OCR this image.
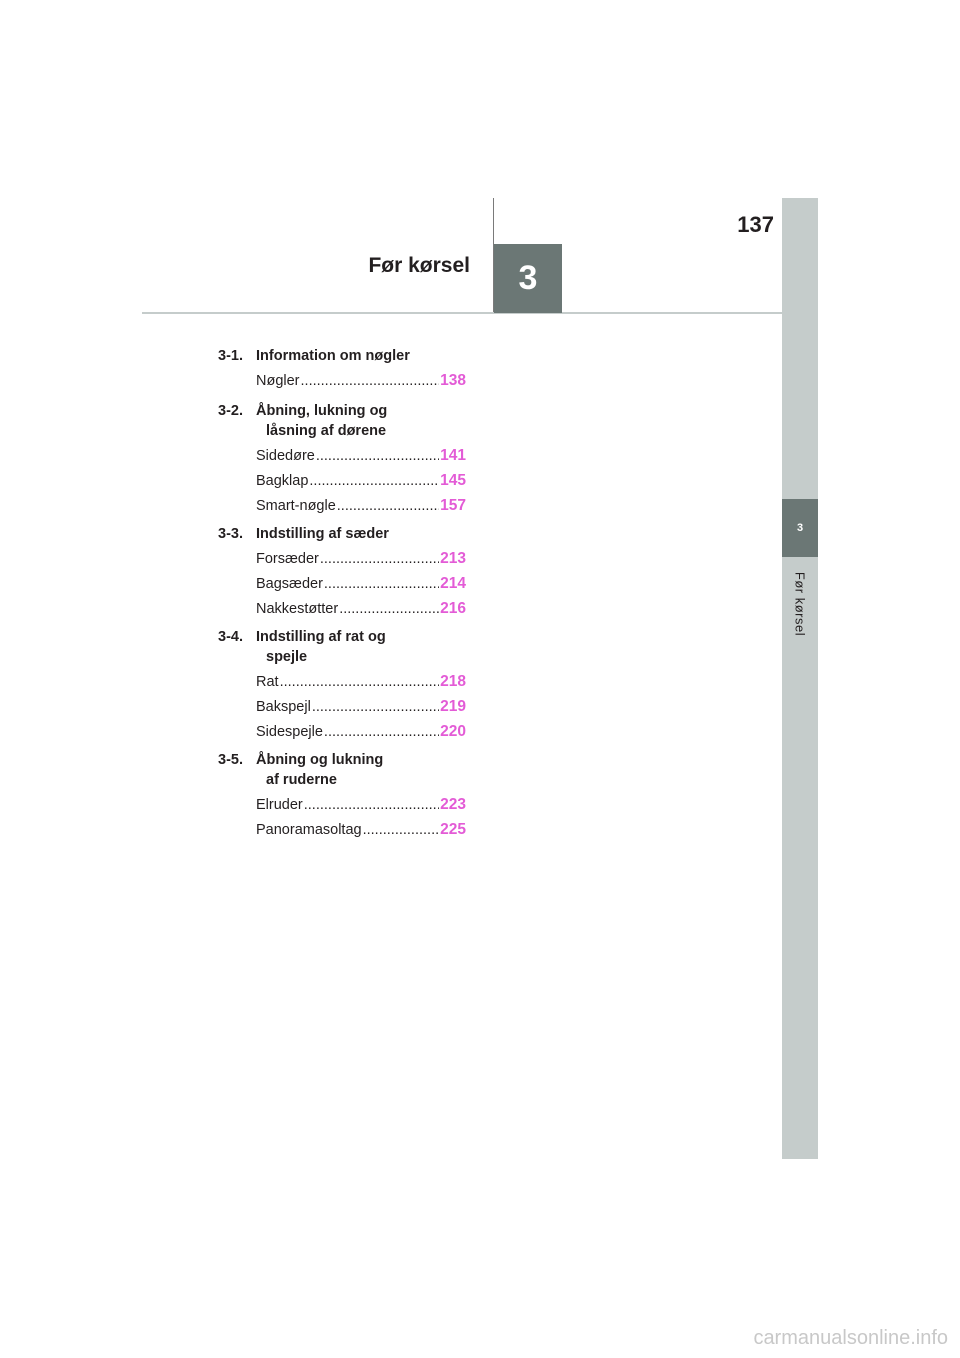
137
Før kørsel 3
3
Før kørsel
3-1. Information om nøgler
Nøgler .....	138
3-2. Åbning, lukning og
låsning af dørene
Sidedøre .....	141
Bagklap .....	145
Smart-nøgle .....	157
3-3. Indstilling af sæder
Forsæder .....	213
Bagsæder .....	214
Nakkestøtter .....	216
3-4. Indstilling af rat og
spejle
Rat .....	218
Bakspejl .....	219
Sidespejle .....	220
3-5. Åbning og lukning
af ruderne
Elruder .....	223
Panoramasoltag .....	225
carmanualsonline.info
